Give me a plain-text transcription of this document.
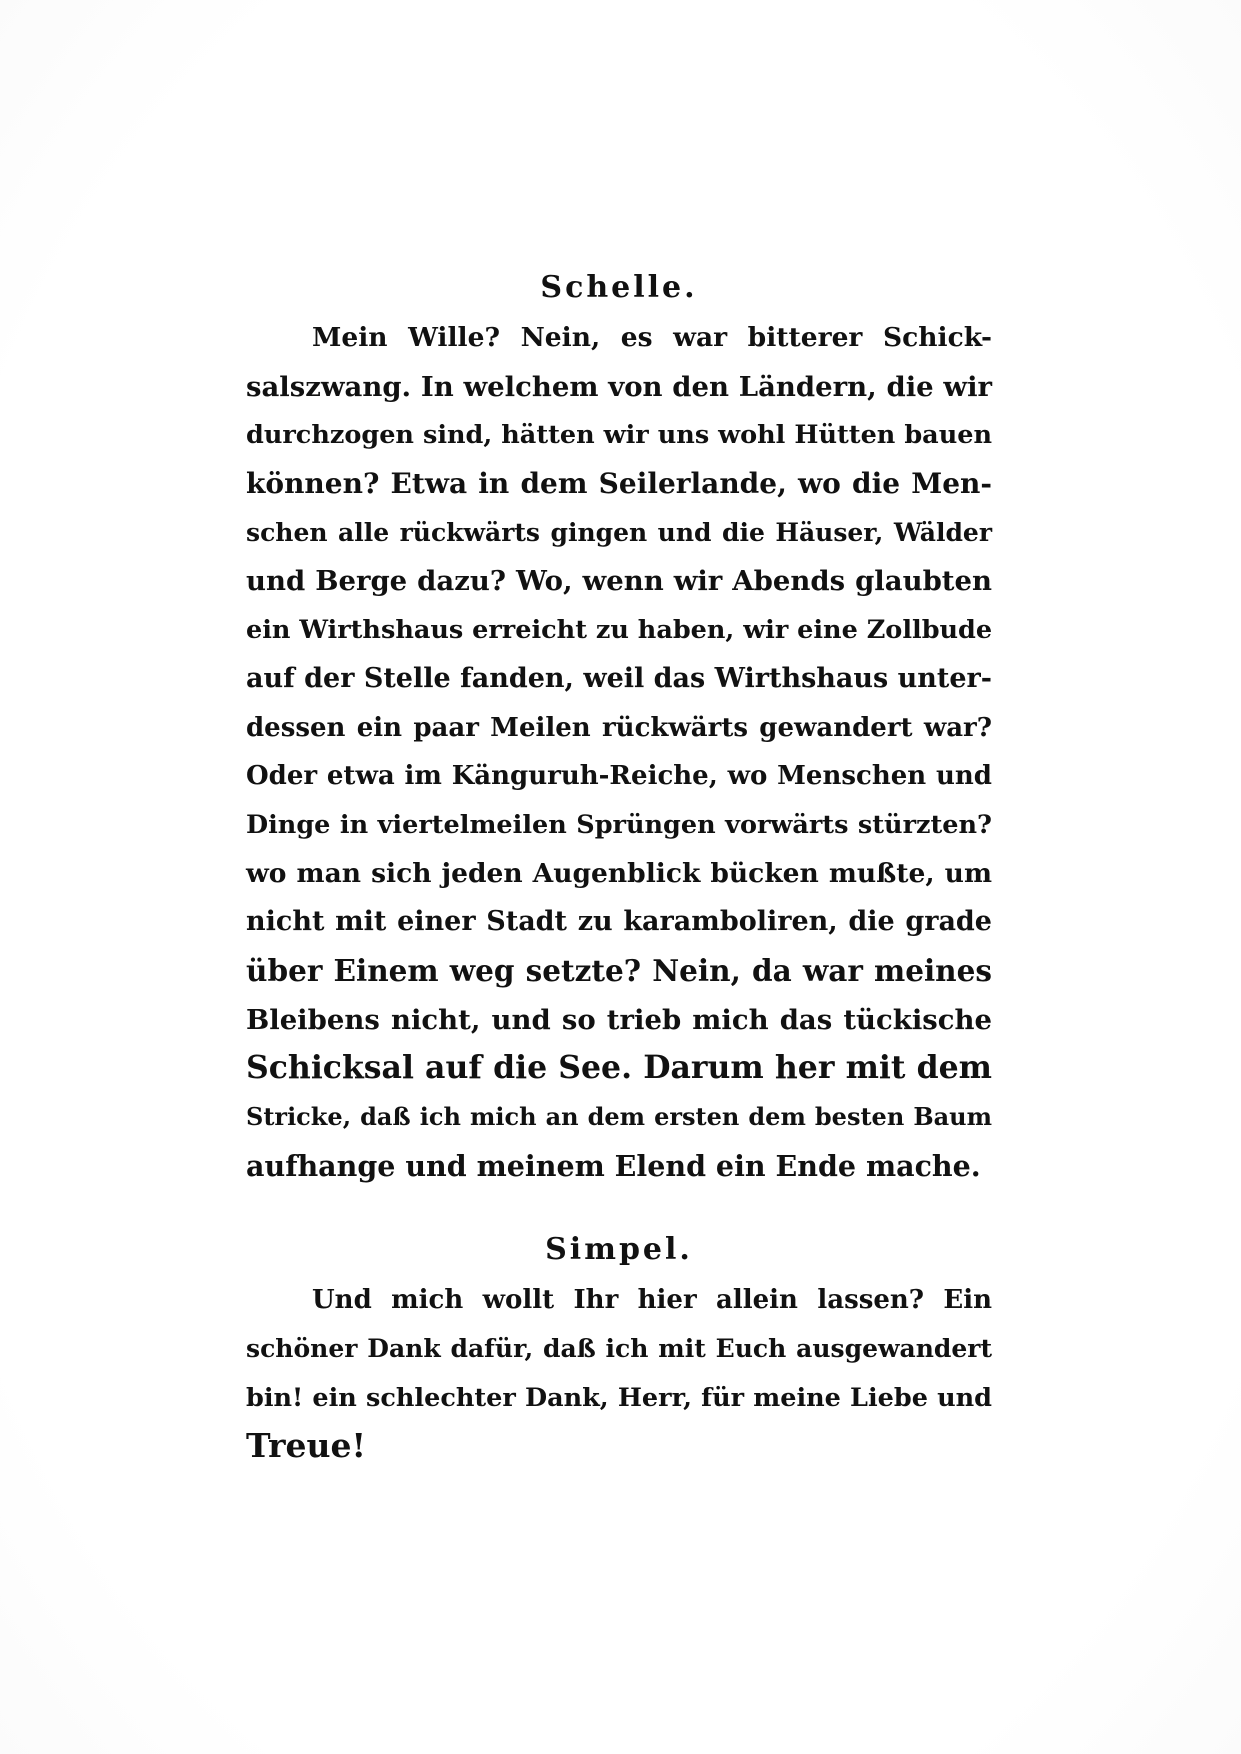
Schelle.
Mein Wille? Nein, es war bitterer Schick-
salszwang. In welchem von den Ländern, die wir
durchzogen sind, hätten wir uns wohl Hütten bauen
können? Etwa in dem Seilerlande, wo die Men-
schen alle rückwärts gingen und die Häuser, Wälder
und Berge dazu? Wo, wenn wir Abends glaubten
ein Wirthshaus erreicht zu haben, wir eine Zollbude
auf der Stelle fanden, weil das Wirthshaus unter-
dessen ein paar Meilen rückwärts gewandert war?
Oder etwa im Känguruh-Reiche, wo Menschen und
Dinge in viertelmeilen Sprüngen vorwärts stürzten?
wo man sich jeden Augenblick bücken mußte, um
nicht mit einer Stadt zu karamboliren, die grade
über Einem weg setzte? Nein, da war meines
Bleibens nicht, und so trieb mich das tückische
Schicksal auf die See. Darum her mit dem
Stricke, daß ich mich an dem ersten dem besten Baum
aufhange und meinem Elend ein Ende mache.
Simpel.
Und mich wollt Ihr hier allein lassen? Ein
schöner Dank dafür, daß ich mit Euch ausgewandert
bin! ein schlechter Dank, Herr, für meine Liebe und
Treue!
